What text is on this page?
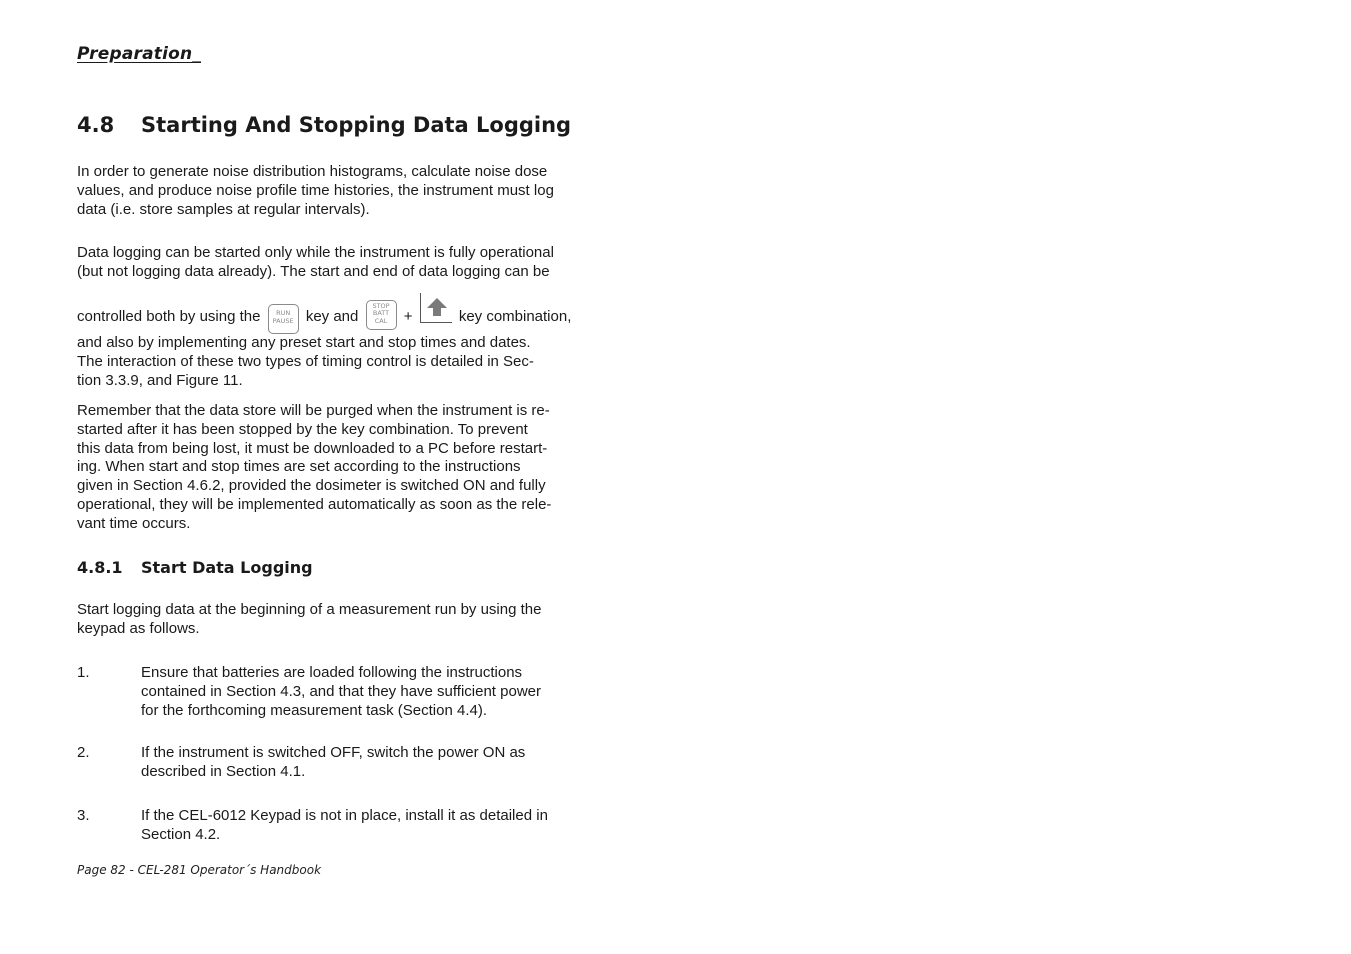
Preparation_
4.8 Starting And Stopping Data Logging
In order to generate noise distribution histograms, calculate noise dose
values, and produce noise profile time histories, the instrument must log
data (i.e. store samples at regular intervals).
Data logging can be started only while the instrument is fully operational
(but not logging data already). The start and end of data logging can be
controlled both by using the	RUN
PAUSE key and
STOP
BATT
CAL	+	key combination,
and also by implementing any preset start and stop times and dates.
The interaction of these two types of timing control is detailed in Sec-
tion 3.3.9, and Figure 11.
Remember that the data store will be purged when the instrument is re-
started after it has been stopped by the key combination. To prevent
this data from being lost, it must be downloaded to a PC before restart-
ing. When start and stop times are set according to the instructions
given in Section 4.6.2, provided the dosimeter is switched ON and fully
operational, they will be implemented automatically as soon as the rele-
vant time occurs.
4.8.1 Start Data Logging
Start logging data at the beginning of a measurement run by using the
keypad as follows.
1.	Ensure that batteries are loaded following the instructions
contained in Section 4.3, and that they have sufficient power
for the forthcoming measurement task (Section 4.4).
2.	If the instrument is switched OFF, switch the power ON as
described in Section 4.1.
3.	If the CEL-6012 Keypad is not in place, install it as detailed in
Section 4.2.
Page 82 - CEL-281 Operator´s Handbook
